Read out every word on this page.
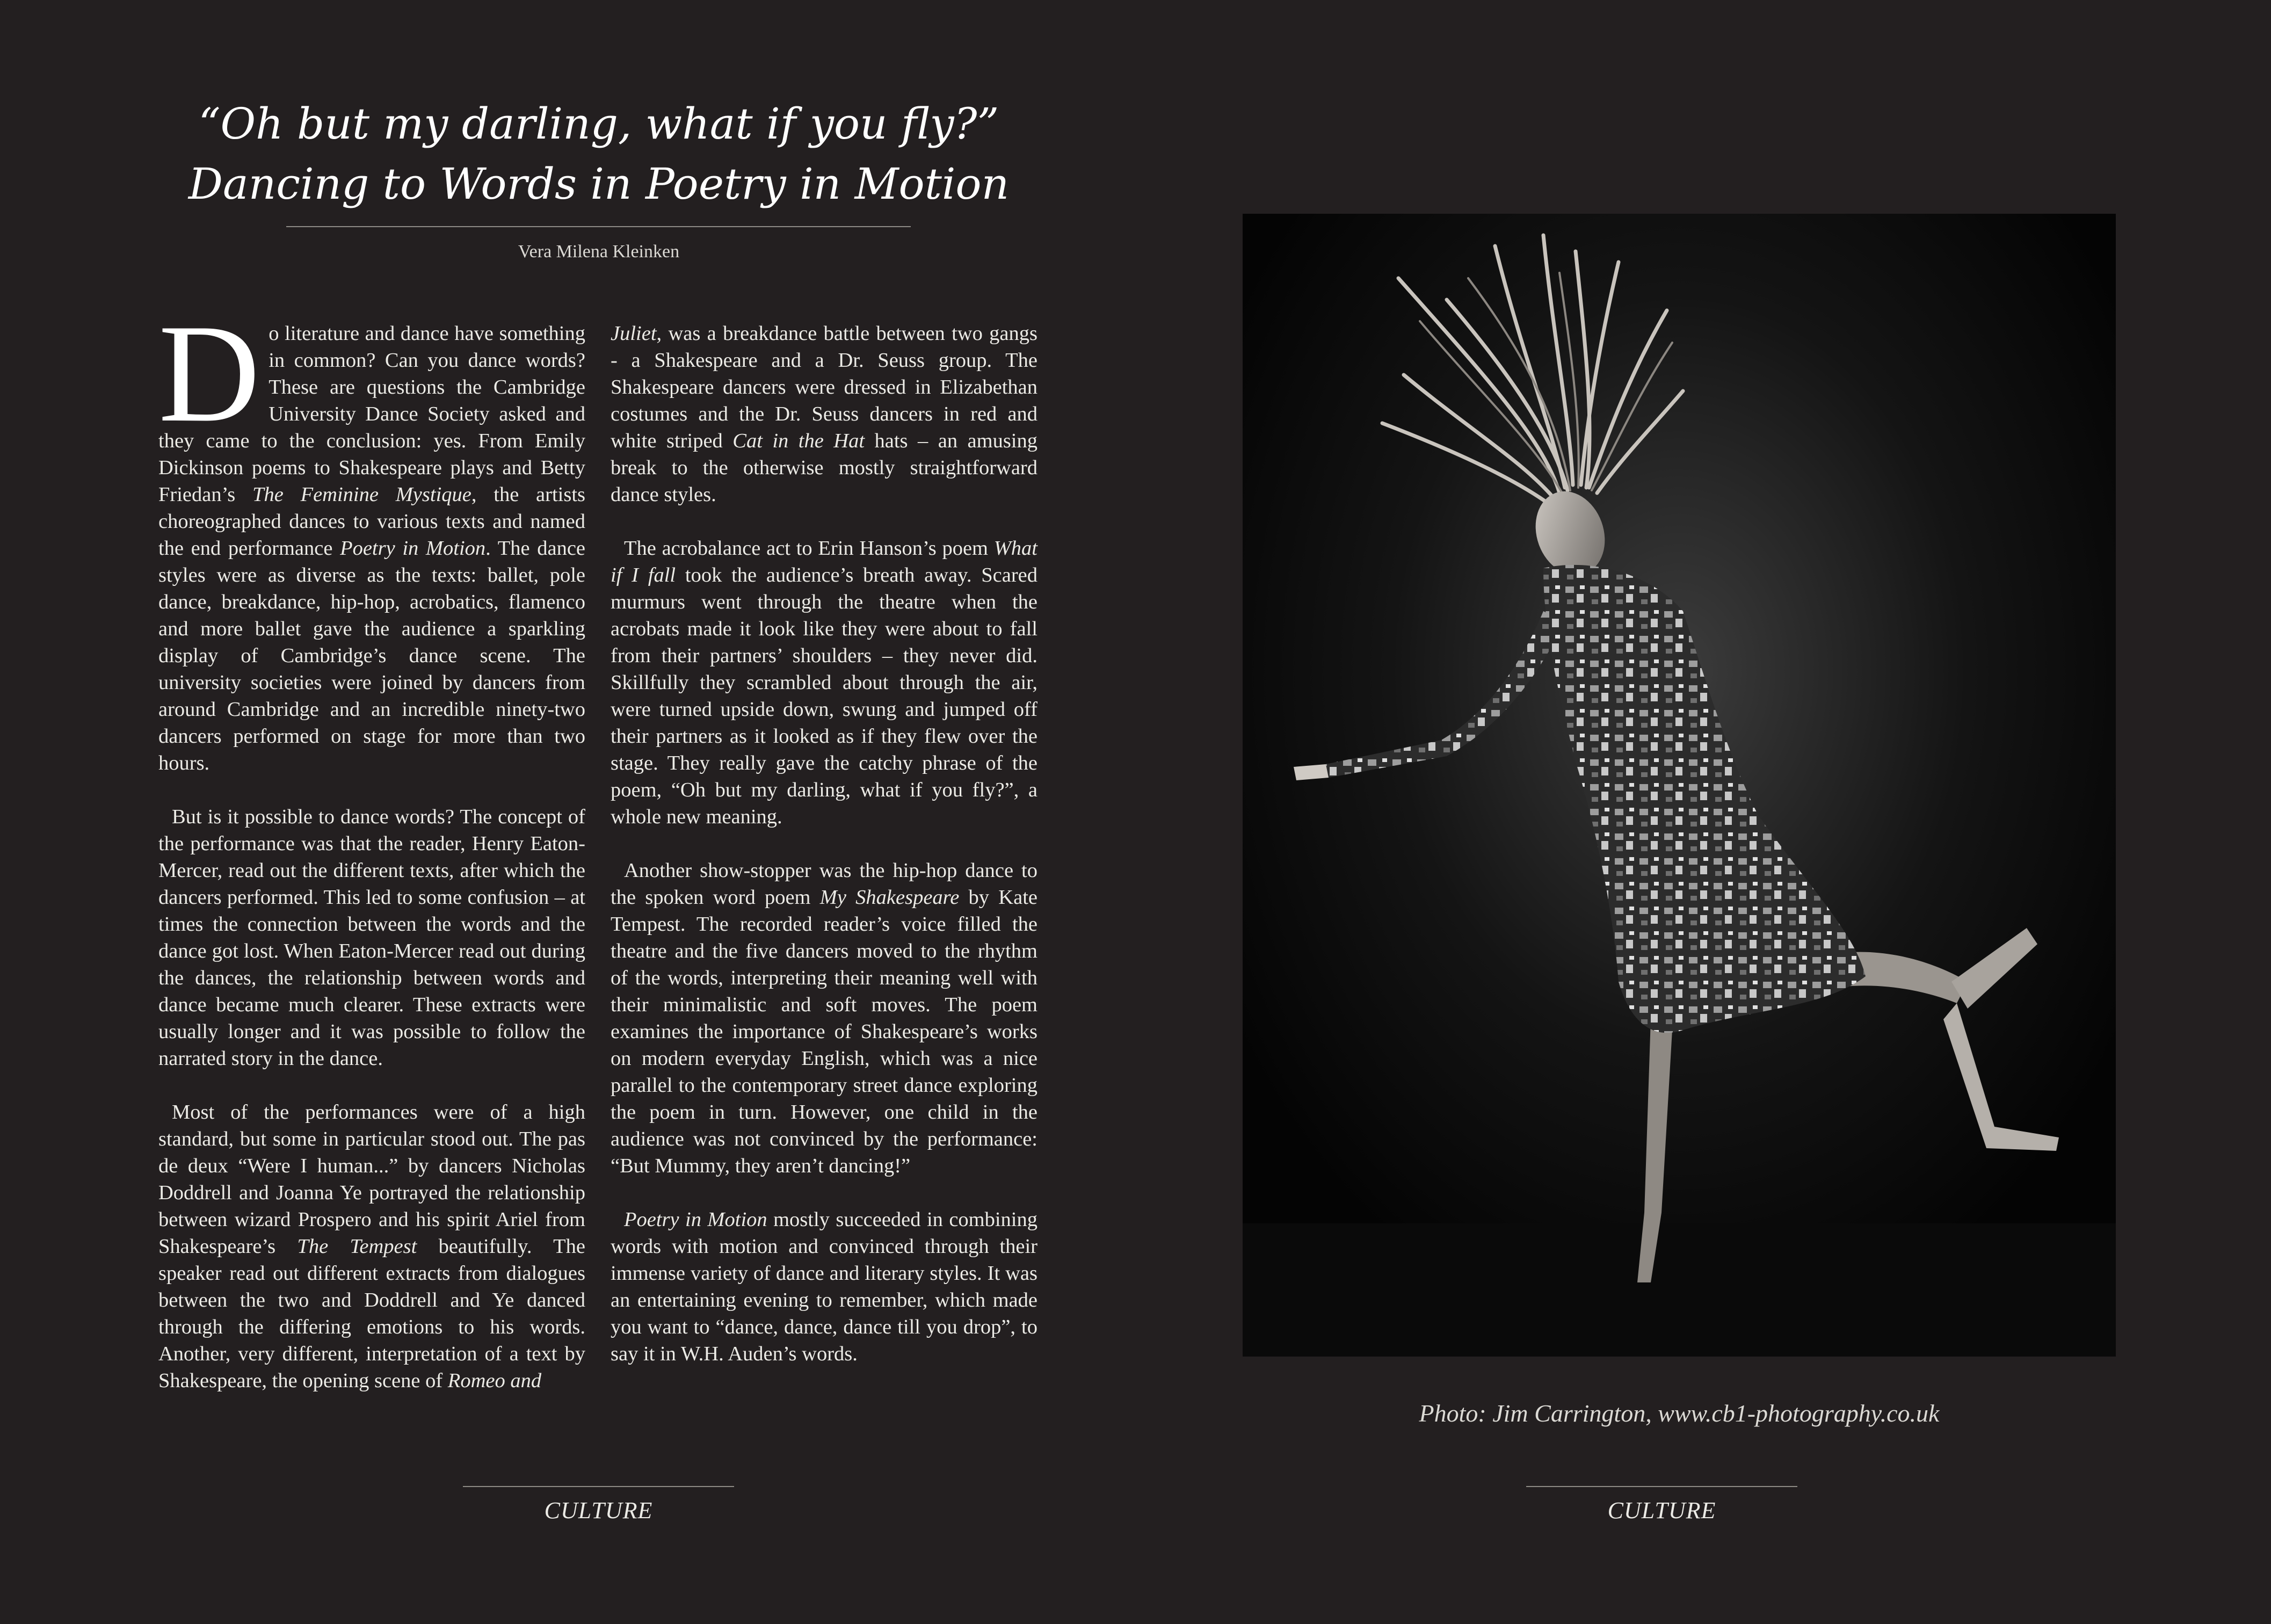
“Oh but my darling, what if you fly?”
Dancing to Words in Poetry in Motion
Vera Milena Kleinken

Do literature and dance have something in common? Can you dance words? These are questions the Cambridge University Dance Society asked and they came to the conclusion: yes. From Emily Dickinson poems to Shakespeare plays and Betty Friedan’s The Feminine Mystique, the artists choreographed dances to various texts and named the end performance Poetry in Motion. The dance styles were as diverse as the texts: ballet, pole dance, breakdance, hip-hop, acrobatics, flamenco and more ballet gave the audience a sparkling display of Cambridge’s dance scene. The university societies were joined by dancers from around Cambridge and an incredible ninety-two dancers performed on stage for more than two hours.

But is it possible to dance words? The concept of the performance was that the reader, Henry Eaton-Mercer, read out the different texts, after which the dancers performed. This led to some confusion – at times the connection between the words and the dance got lost. When Eaton-Mercer read out during the dances, the relationship between words and dance became much clearer. These extracts were usually longer and it was possible to follow the narrated story in the dance.

Most of the performances were of a high standard, but some in particular stood out. The pas de deux “Were I human...” by dancers Nicholas Doddrell and Joanna Ye portrayed the relationship between wizard Prospero and his spirit Ariel from Shakespeare’s The Tempest beautifully. The speaker read out different extracts from dialogues between the two and Doddrell and Ye danced through the differing emotions to his words. Another, very different, interpretation of a text by Shakespeare, the opening scene of Romeo and

Juliet, was a breakdance battle between two gangs - a Shakespeare and a Dr. Seuss group. The Shakespeare dancers were dressed in Elizabethan costumes and the Dr. Seuss dancers in red and white striped Cat in the Hat hats – an amusing break to the otherwise mostly straightforward dance styles.

The acrobalance act to Erin Hanson’s poem What if I fall took the audience’s breath away. Scared murmurs went through the theatre when the acrobats made it look like they were about to fall from their partners’ shoulders – they never did. Skillfully they scrambled about through the air, were turned upside down, swung and jumped off their partners as it looked as if they flew over the stage. They really gave the catchy phrase of the poem, “Oh but my darling, what if you fly?”, a whole new meaning.

Another show-stopper was the hip-hop dance to the spoken word poem My Shakespeare by Kate Tempest. The recorded reader’s voice filled the theatre and the five dancers moved to the rhythm of the words, interpreting their meaning well with their minimalistic and soft moves. The poem examines the importance of Shakespeare’s works on modern everyday English, which was a nice parallel to the contemporary street dance exploring the poem in turn. However, one child in the audience was not convinced by the performance: “But Mummy, they aren’t dancing!”

Poetry in Motion mostly succeeded in combining words with motion and convinced through their immense variety of dance and literary styles. It was an entertaining evening to remember, which made you want to “dance, dance, dance till you drop”, to say it in W.H. Auden’s words.

CULTURE
Photo: Jim Carrington, www.cb1-photography.co.uk
CULTURE
